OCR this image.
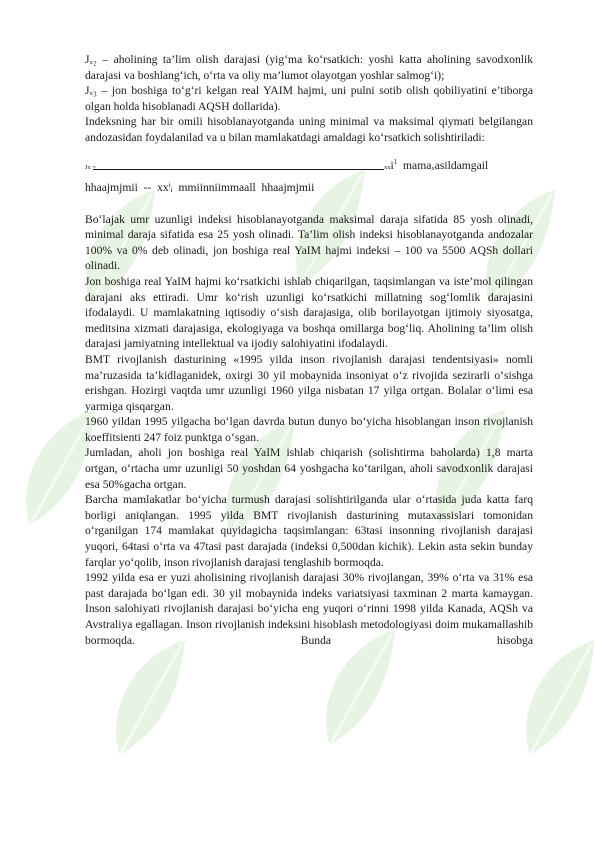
Jₓ₂ – aholining ta’lim olish darajasi (yig‘ma ko‘rsatkich: yoshi katta aholining savodxonlik darajasi va boshlang‘ich, o‘rta va oliy ma’lumot olayotgan yoshlar salmog‘i);

Jₓ₃ – jon boshiga to‘g‘ri kelgan real YAIM hajmi, uni pulni sotib olish qobiliyatini e’tiborga olgan holda hisoblanadi AQSH dollarida).

Indeksning har bir omili hisoblanayotganda uning minimal va maksimal qiymati belgilangan andozasidan foydalanilad va u bilan mamlakatdagi amaldagi ko‘rsatkich solishtiriladi:

Jx =	xxi$^1$ mamaₓasildamgail
hhaajmjmii  --  xxⁱᵢ  mmiinniimmaall  hhaajmjmii

Bo‘lajak umr uzunligi indeksi hisoblanayotganda maksimal daraja sifatida 85 yosh olinadi, minimal daraja sifatida esa 25 yosh olinadi. Ta’lim olish indeksi hisoblanayotganda andozalar 100% va 0% deb olinadi, jon boshiga real YaIM hajmi indeksi – 100 va 5500 AQSh dollari olinadi.

Jon boshiga real YaIM hajmi ko‘rsatkichi ishlab chiqarilgan, taqsimlangan va iste’mol qilingan darajani aks ettiradi. Umr ko‘rish uzunligi ko‘rsatkichi millatning sog‘lomlik darajasini ifodalaydi. U mamlakatning iqtisodiy o‘sish darajasiga, olib borilayotgan ijtimoiy siyosatga, meditsina xizmati darajasiga, ekologiyaga va boshqa omillarga bog‘liq. Aholining ta’lim olish darajasi jamiyatning intellektual va ijodiy salohiyatini ifodalaydi.

BMT rivojlanish dasturining «1995 yilda inson rivojlanish darajasi tendentsiyasi» nomli ma’ruzasida ta’kidlaganidek, oxirgi 30 yil mobaynida insoniyat o‘z rivojida sezirarli o‘sishga erishgan. Hozirgi vaqtda umr uzunligi 1960 yilga nisbatan 17 yilga ortgan. Bolalar o‘limi esa yarmiga qisqargan.

1960 yildan 1995 yilgacha bo‘lgan davrda butun dunyo bo‘yicha hisoblangan inson rivojlanish koeffitsienti 247 foiz punktga o‘sgan.

Jumladan, aholi jon boshiga real YaIM ishlab chiqarish (solishtirma baholarda) 1,8 marta ortgan, o‘rtacha umr uzunligi 50 yoshdan 64 yoshgacha ko‘tarilgan, aholi savodxonlik darajasi esa 50%gacha ortgan.

Barcha mamlakatlar bo‘yicha turmush darajasi solishtirilganda ular o‘rtasida juda katta farq borligi aniqlangan. 1995 yilda BMT rivojlanish dasturining mutaxassislari tomonidan o‘rganilgan 174 mamlakat quyidagicha taqsimlangan: 63tasi insonning rivojlanish darajasi yuqori, 64tasi o‘rta va 47tasi past darajada (indeksi 0,500dan kichik). Lekin asta sekin bunday farqlar yo‘qolib, inson rivojlanish darajasi tenglashib bormoqda.

1992 yilda esa er yuzi aholisining rivojlanish darajasi 30% rivojlangan, 39% o‘rta va 31% esa past darajada bo‘lgan edi. 30 yil mobaynida indeks variatsiyasi taxminan 2 marta kamaygan. Inson salohiyati rivojlanish darajasi bo‘yicha eng yuqori o‘rinni 1998 yilda Kanada, AQSh va Avstraliya egallagan. Inson rivojlanish indeksini hisoblash metodologiyasi doim mukamallashib bormoqda. Bunda hisobga
